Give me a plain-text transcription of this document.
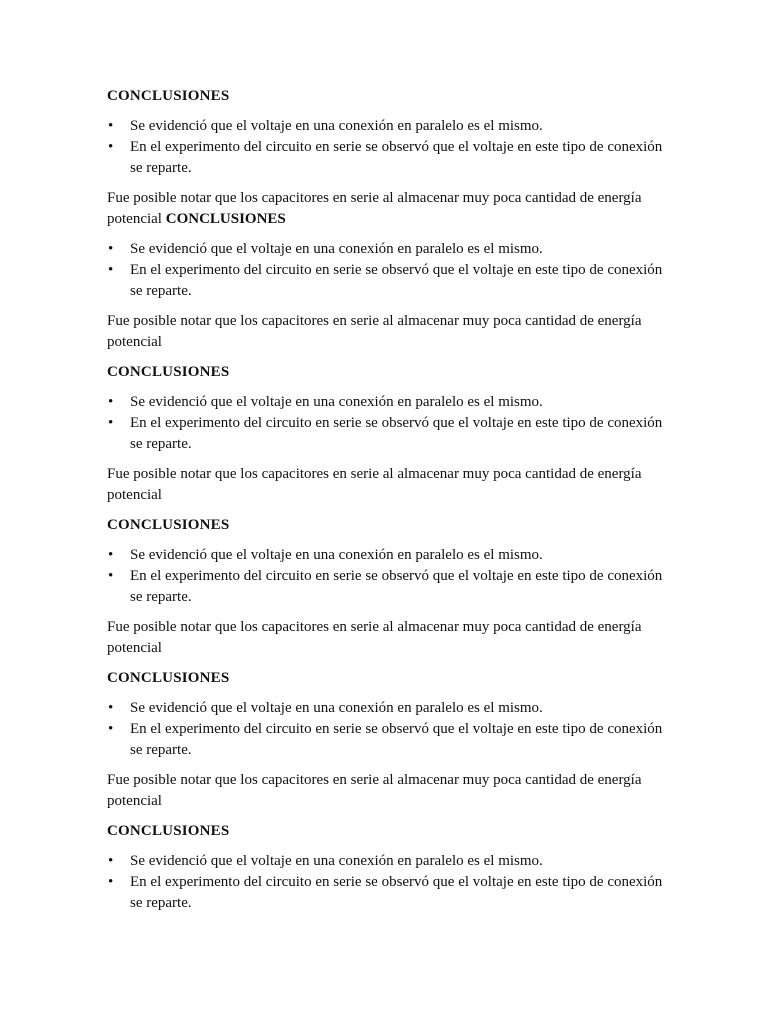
CONCLUSIONES
• Se evidenció que el voltaje en una conexión en paralelo es el mismo.
• En el experimento del circuito en serie se observó que el voltaje en este tipo de conexión se reparte.

Fue posible notar que los capacitores en serie al almacenar muy poca cantidad de energía potencial CONCLUSIONES

• Se evidenció que el voltaje en una conexión en paralelo es el mismo.
• En el experimento del circuito en serie se observó que el voltaje en este tipo de conexión se reparte.

Fue posible notar que los capacitores en serie al almacenar muy poca cantidad de energía potencial

CONCLUSIONES
• Se evidenció que el voltaje en una conexión en paralelo es el mismo.
• En el experimento del circuito en serie se observó que el voltaje en este tipo de conexión se reparte.

Fue posible notar que los capacitores en serie al almacenar muy poca cantidad de energía potencial

CONCLUSIONES
• Se evidenció que el voltaje en una conexión en paralelo es el mismo.
• En el experimento del circuito en serie se observó que el voltaje en este tipo de conexión se reparte.

Fue posible notar que los capacitores en serie al almacenar muy poca cantidad de energía potencial

CONCLUSIONES
• Se evidenció que el voltaje en una conexión en paralelo es el mismo.
• En el experimento del circuito en serie se observó que el voltaje en este tipo de conexión se reparte.

Fue posible notar que los capacitores en serie al almacenar muy poca cantidad de energía potencial

CONCLUSIONES
• Se evidenció que el voltaje en una conexión en paralelo es el mismo.
• En el experimento del circuito en serie se observó que el voltaje en este tipo de conexión se reparte.
